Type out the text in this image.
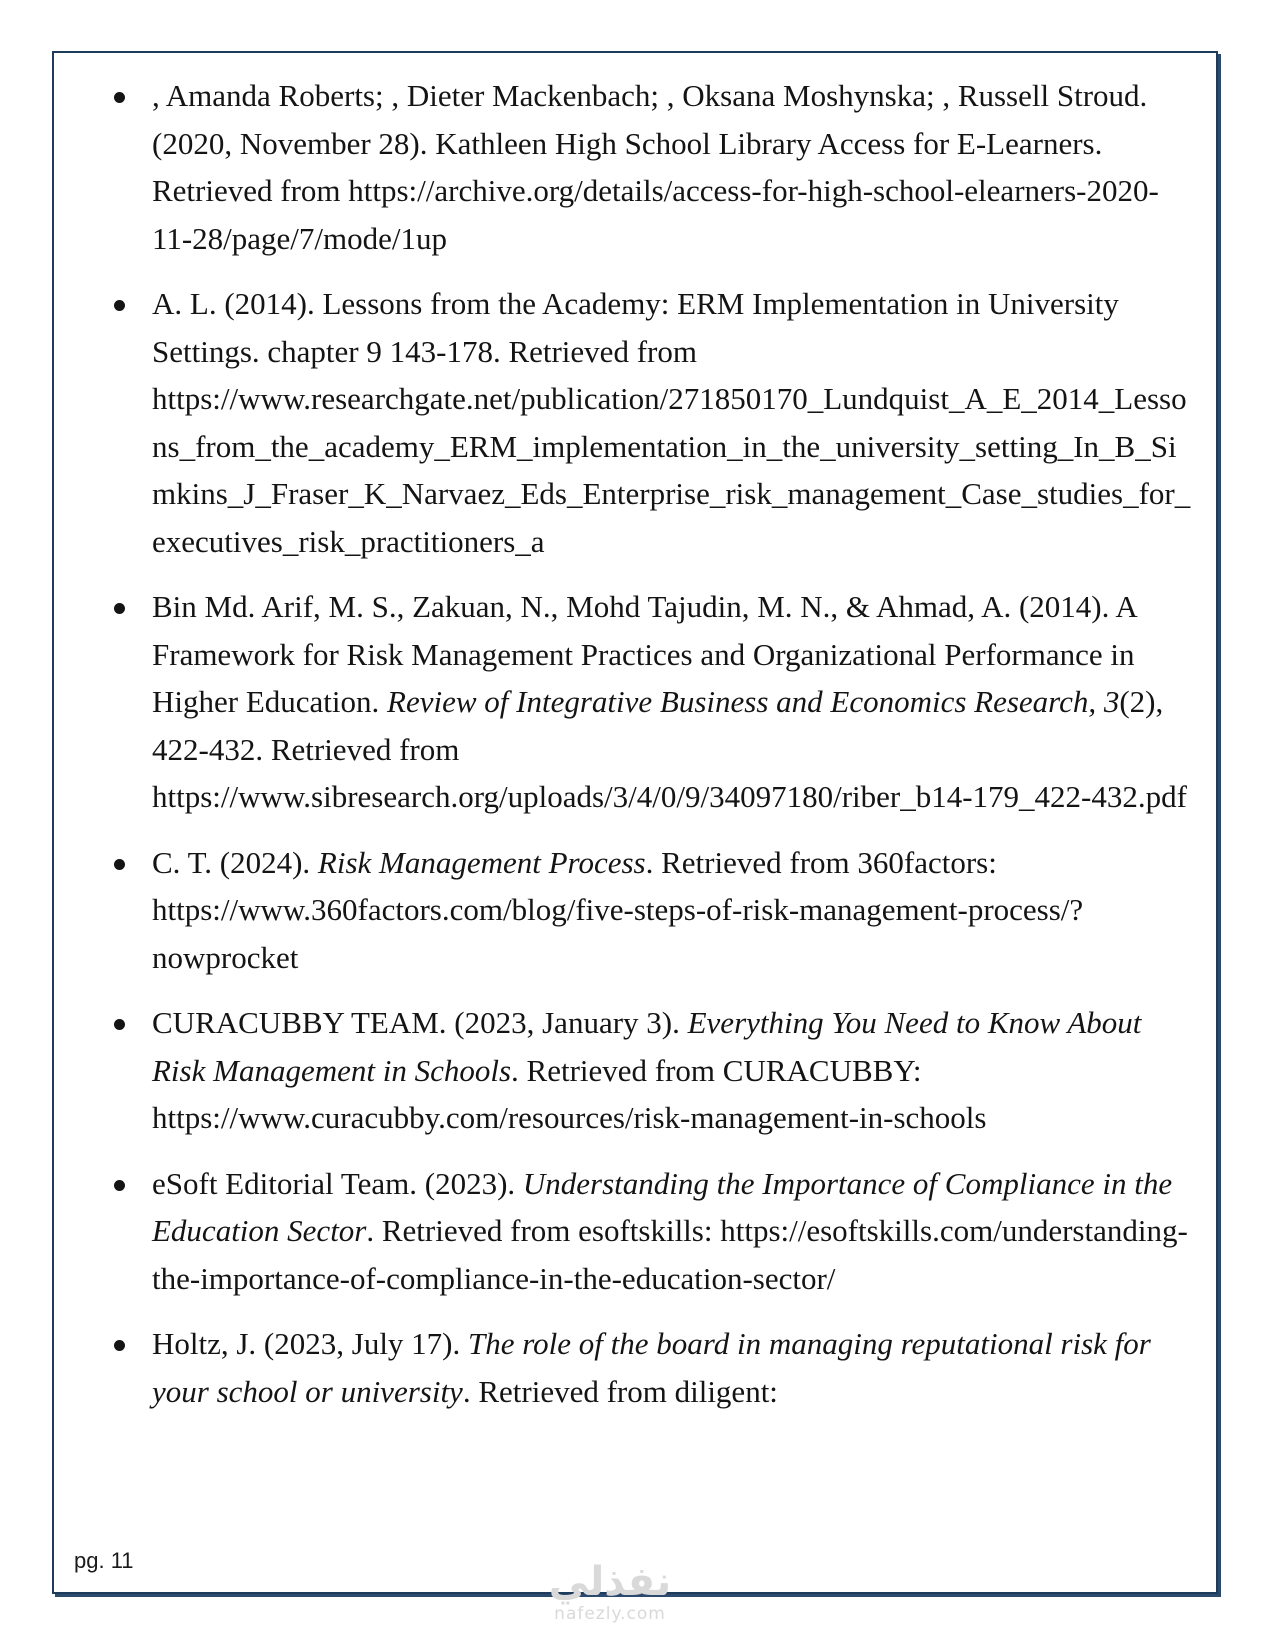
, Amanda Roberts; , Dieter Mackenbach; , Oksana Moshynska; , Russell Stroud. (2020, November 28). Kathleen High School Library Access for E-Learners. Retrieved from https://archive.org/details/access-for-high-school-elearners-2020-11-28/page/7/mode/1up
A. L. (2014). Lessons from the Academy: ERM Implementation in University Settings. chapter 9 143-178. Retrieved from https://www.researchgate.net/publication/271850170_Lundquist_A_E_2014_Lessons_from_the_academy_ERM_implementation_in_the_university_setting_In_B_Simkins_J_Fraser_K_Narvaez_Eds_Enterprise_risk_management_Case_studies_for_executives_risk_practitioners_a
Bin Md. Arif, M. S., Zakuan, N., Mohd Tajudin, M. N., & Ahmad, A. (2014). A Framework for Risk Management Practices and Organizational Performance in Higher Education. Review of Integrative Business and Economics Research, 3(2), 422-432. Retrieved from https://www.sibresearch.org/uploads/3/4/0/9/34097180/riber_b14-179_422-432.pdf
C. T. (2024). Risk Management Process. Retrieved from 360factors: https://www.360factors.com/blog/five-steps-of-risk-management-process/?nowprocket
CURACUBBY TEAM. (2023, January 3). Everything You Need to Know About Risk Management in Schools. Retrieved from CURACUBBY: https://www.curacubby.com/resources/risk-management-in-schools
eSoft Editorial Team. (2023). Understanding the Importance of Compliance in the Education Sector. Retrieved from esoftskills: https://esoftskills.com/understanding-the-importance-of-compliance-in-the-education-sector/
Holtz, J. (2023, July 17). The role of the board in managing reputational risk for your school or university. Retrieved from diligent:
pg. 11	نفذلي
nafezly.com
